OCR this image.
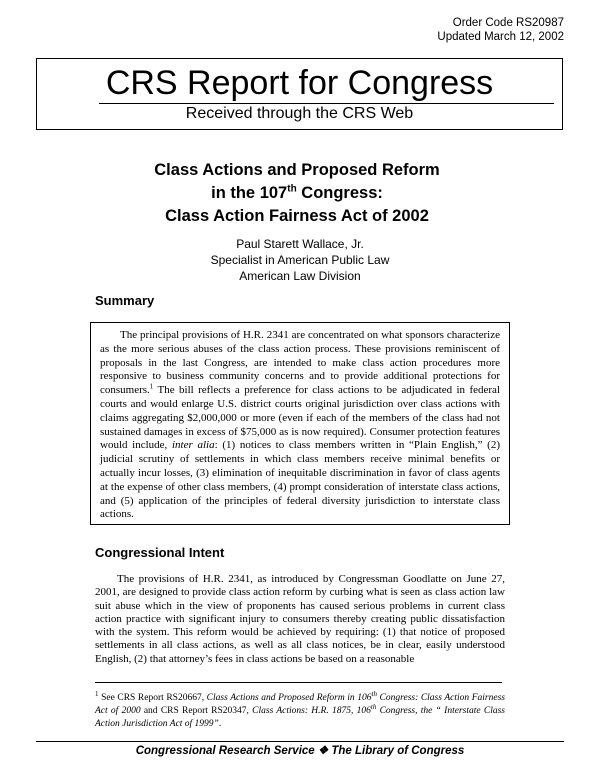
Order Code RS20987
Updated March 12, 2002
CRS Report for Congress
Received through the CRS Web
Class Actions and Proposed Reform
in the 107th Congress:
Class Action Fairness Act of 2002
Paul Starett Wallace, Jr.
Specialist in American Public Law
American Law Division
Summary

The principal provisions of H.R. 2341 are concentrated on what sponsors characterize as the more serious abuses of the class action process. These provisions reminiscent of proposals in the last Congress, are intended to make class action procedures more responsive to business community concerns and to provide additional protections for consumers.$^1$ The bill reflects a preference for class actions to be adjudicated in federal courts and would enlarge U.S. district courts original jurisdiction over class actions with claims aggregating $2,000,000 or more (even if each of the members of the class had not sustained damages in excess of $75,000 as is now required). Consumer protection features would include, inter alia: (1) notices to class members written in “Plain English,” (2) judicial scrutiny of settlements in which class members receive minimal benefits or actually incur losses, (3) elimination of inequitable discrimination in favor of class agents at the expense of other class members, (4) prompt consideration of interstate class actions, and (5) application of the principles of federal diversity jurisdiction to interstate class actions.

Congressional Intent

The provisions of H.R. 2341, as introduced by Congressman Goodlatte on June 27, 2001, are designed to provide class action reform by curbing what is seen as class action law suit abuse which in the view of proponents has caused serious problems in current class action practice with significant injury to consumers thereby creating public dissatisfaction with the system. This reform would be achieved by requiring: (1) that notice of proposed settlements in all class actions, as well as all class notices, be in clear, easily understood English, (2) that attorney’s fees in class actions be based on a reasonable

$^1$ See CRS Report RS20667, Class Actions and Proposed Reform in 106th Congress: Class Action Fairness Act of 2000 and CRS Report RS20347, Class Actions: H.R. 1875, 106th Congress, the “ Interstate Class Action Jurisdiction Act of 1999”.
Congressional Research Service ❖ The Library of Congress
